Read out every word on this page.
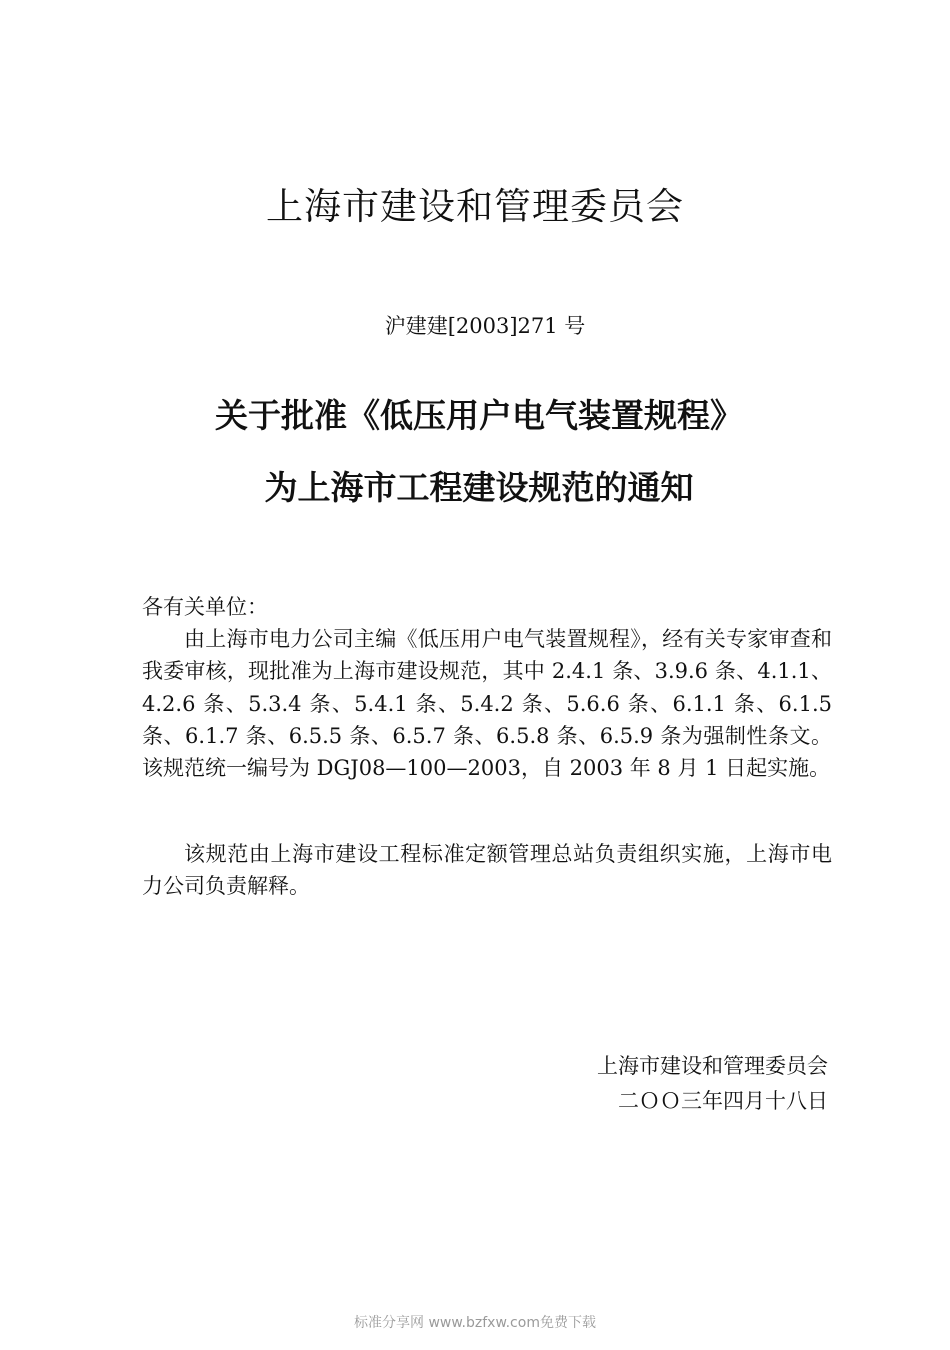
上海市建设和管理委员会
沪建建[2003]271 号
关于批准《低压用户电气装置规程》
为上海市工程建设规范的通知
各有关单位：
由上海市电力公司主编《低压用户电气装置规程》，经有关专家审查和我委审核，现批准为上海市建设规范，其中 2.4.1 条、3.9.6 条、4.1.1、4.2.6 条、5.3.4 条、5.4.1 条、5.4.2 条、5.6.6 条、6.1.1 条、6.1.5 条、6.1.7 条、6.5.5 条、6.5.7 条、6.5.8 条、6.5.9 条为强制性条文。该规范统一编号为 DGJ08—100—2003，自 2003 年 8 月 1 日起实施。
该规范由上海市建设工程标准定额管理总站负责组织实施，上海市电力公司负责解释。
上海市建设和管理委员会
二ＯＯ三年四月十八日
标准分享网 www.bzfxw.com免费下载
